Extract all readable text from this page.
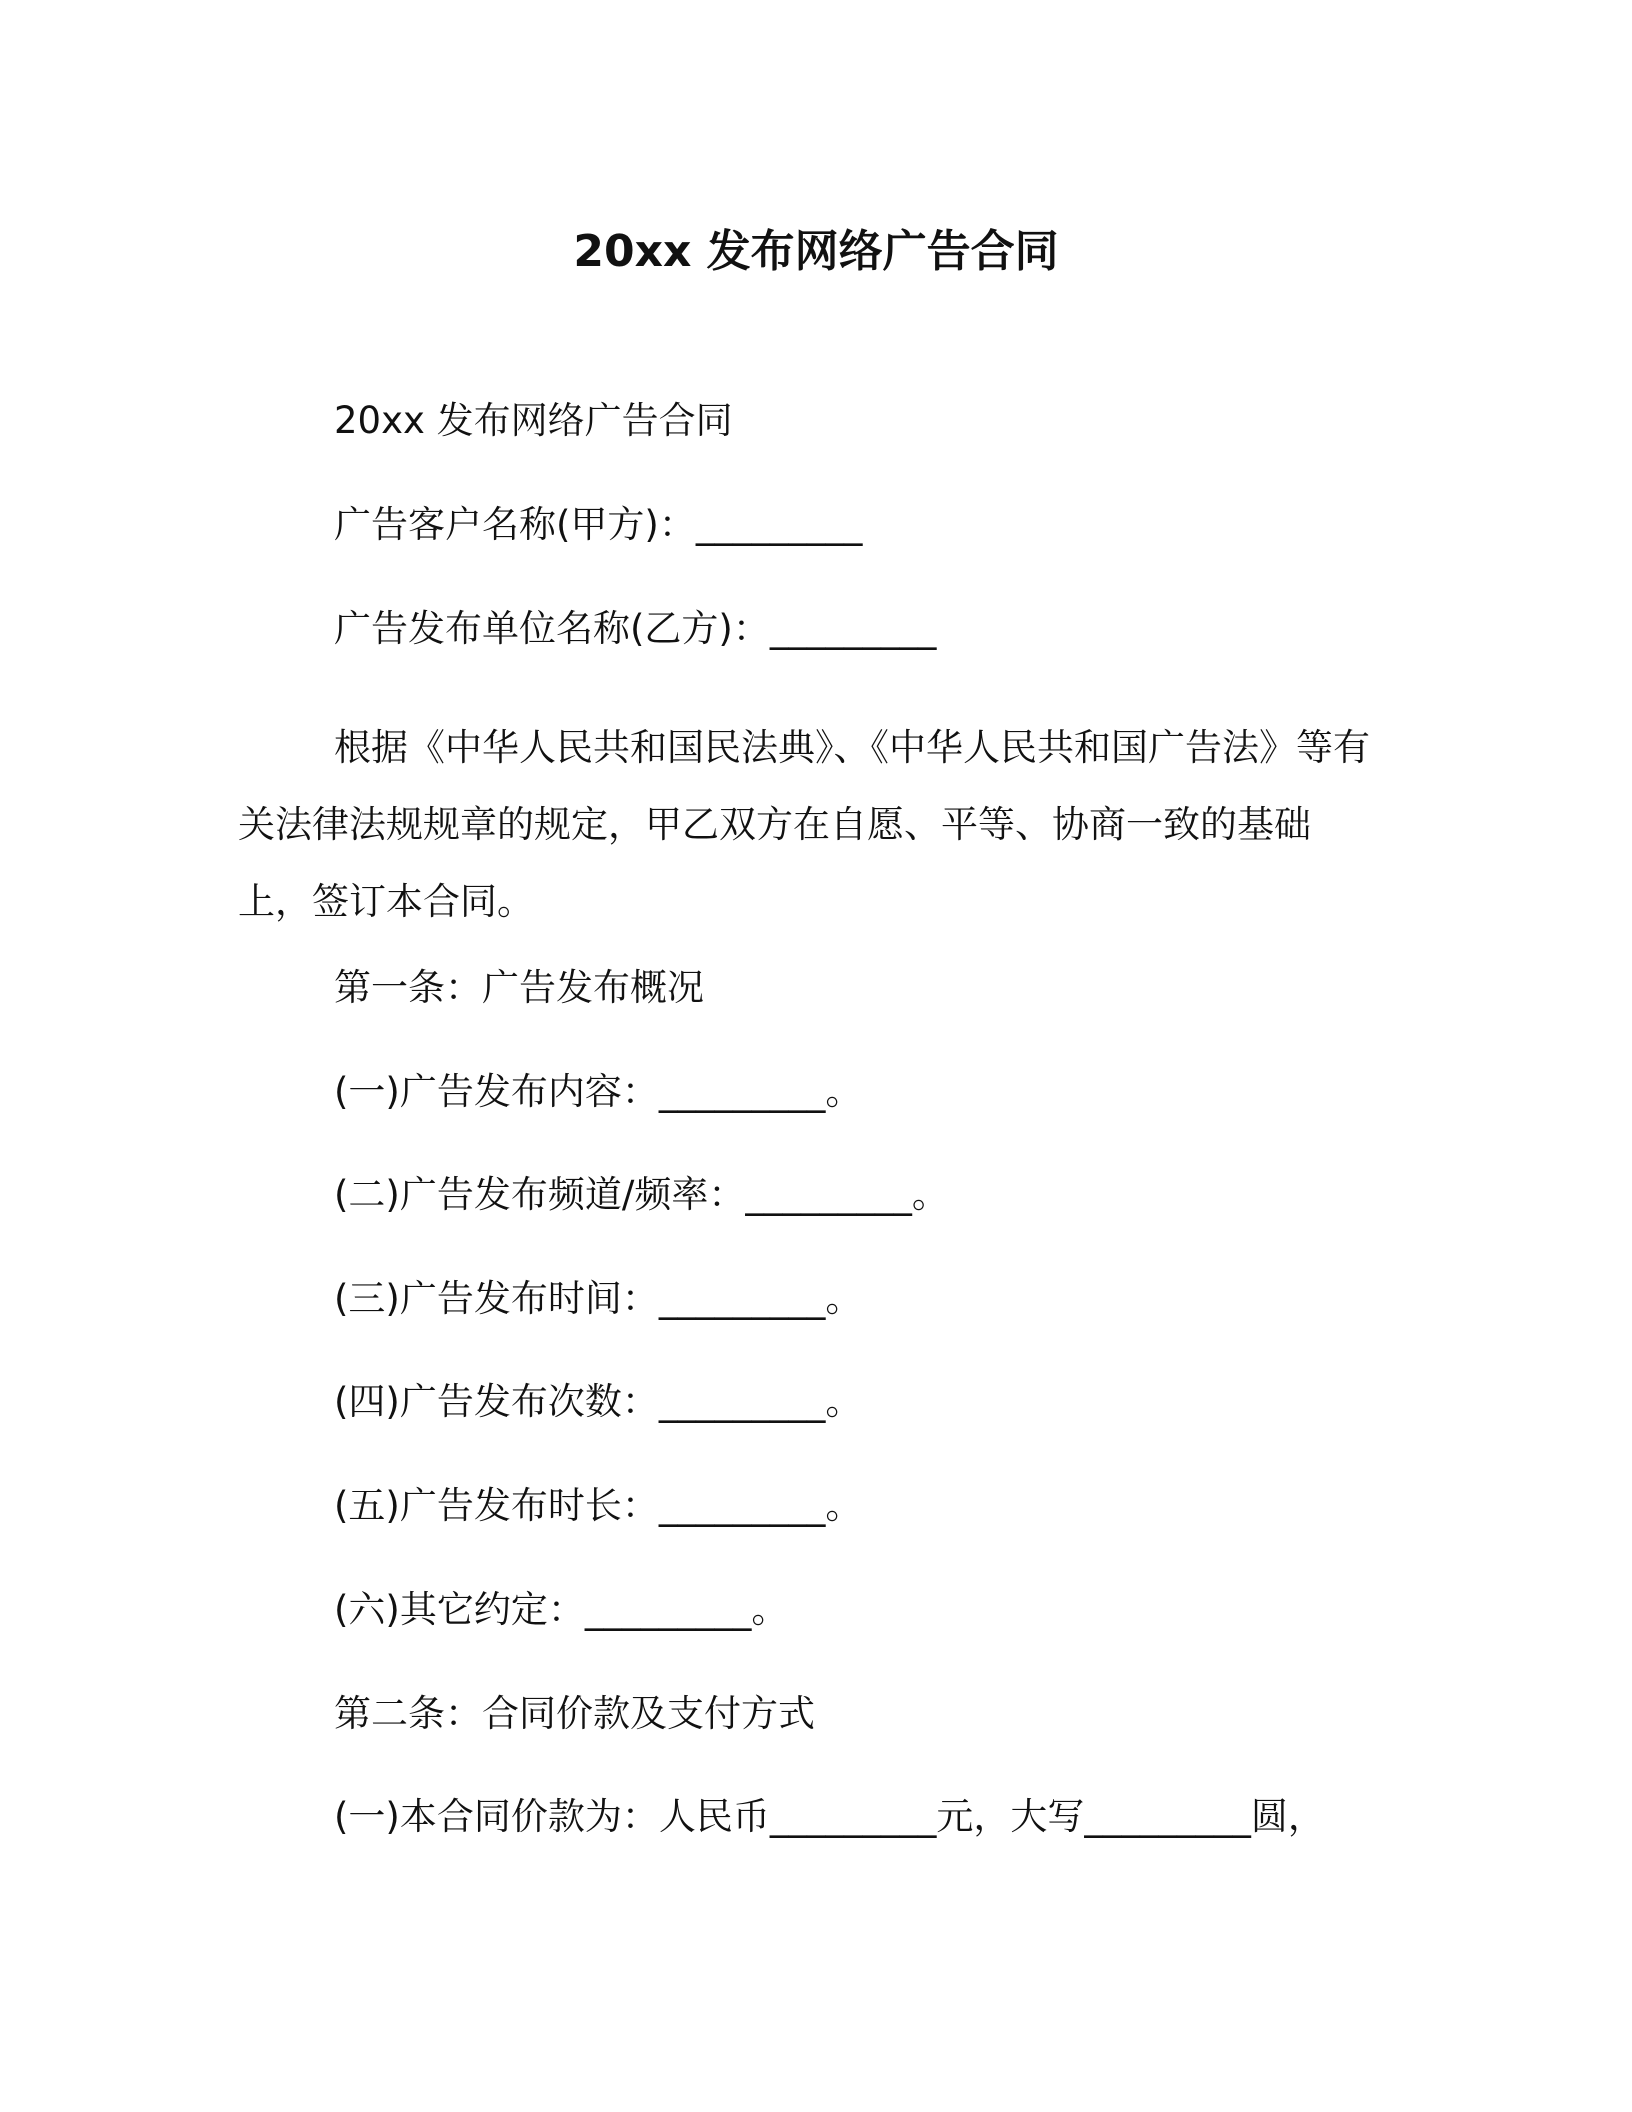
20xx 发布网络广告合同
20xx 发布网络广告合同
广告客户名称(甲方)：_________
广告发布单位名称(乙方)：_________
根据《中华人民共和国民法典》、《中华人民共和国广告法》等有关法律法规规章的规定，甲乙双方在自愿、平等、协商一致的基础上，签订本合同。
第一条：广告发布概况
(一)广告发布内容：_________。
(二)广告发布频道/频率：_________。
(三)广告发布时间：_________。
(四)广告发布次数：_________。
(五)广告发布时长：_________。
(六)其它约定：_________。
第二条：合同价款及支付方式
(一)本合同价款为：人民币_________元，大写_________圆，
